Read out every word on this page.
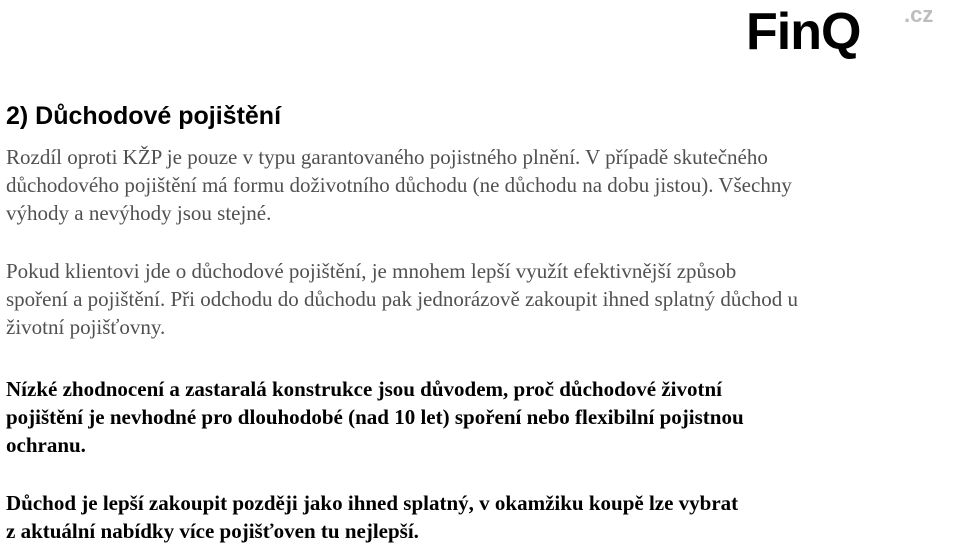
FinQ .cz
2) Důchodové pojištění

Rozdíl oproti KŽP je pouze v typu garantovaného pojistného plnění. V případě skutečného
důchodového pojištění má formu doživotního důchodu (ne důchodu na dobu jistou). Všechny
výhody a nevýhody jsou stejné.

Pokud klientovi jde o důchodové pojištění, je mnohem lepší využít efektivnější způsob
spoření a pojištění. Při odchodu do důchodu pak jednorázově zakoupit ihned splatný důchod u
životní pojišťovny.

Nízké zhodnocení a zastaralá konstrukce jsou důvodem, proč důchodové životní
pojištění je nevhodné pro dlouhodobé (nad 10 let) spoření nebo flexibilní pojistnou
ochranu.

Důchod je lepší zakoupit později jako ihned splatný, v okamžiku koupě lze vybrat
z aktuální nabídky více pojišťoven tu nejlepší.
